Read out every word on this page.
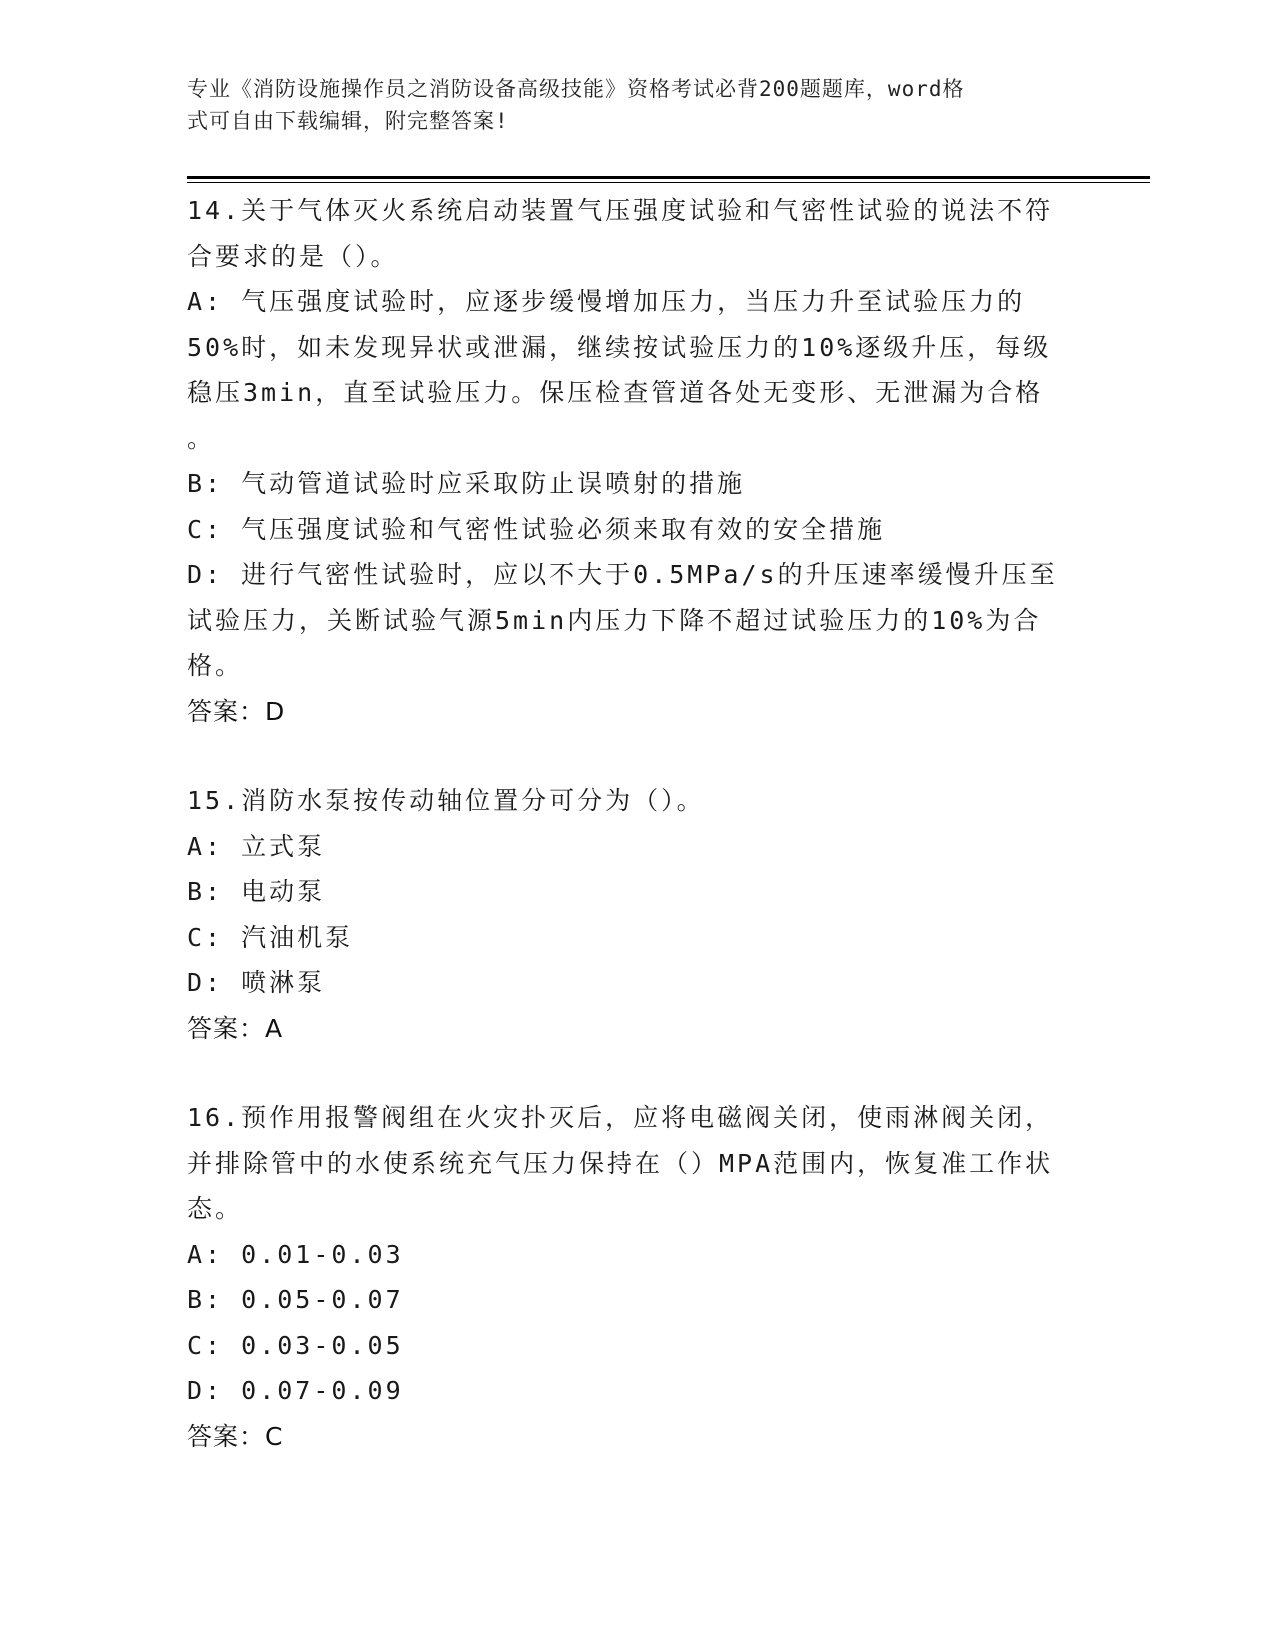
专业《消防设施操作员之消防设备高级技能》资格考试必背200题题库，word格
式可自由下载编辑，附完整答案!

14.关于气体灭火系统启动装置气压强度试验和气密性试验的说法不符

合要求的是（）。

A: 气压强度试验时，应逐步缓慢增加压力，当压力升至试验压力的

50%时，如未发现异状或泄漏，继续按试验压力的10%逐级升压，每级

稳压3min，直至试验压力。保压检查管道各处无变形、无泄漏为合格

。

B: 气动管道试验时应采取防止误喷射的措施

C: 气压强度试验和气密性试验必须来取有效的安全措施

D: 进行气密性试验时，应以不大于0.5MPa/s的升压速率缓慢升压至

试验压力，关断试验气源5min内压力下降不超过试验压力的10%为合

格。

答案：D

15.消防水泵按传动轴位置分可分为（）。

A: 立式泵

B: 电动泵

C: 汽油机泵

D: 喷淋泵

答案：A

16.预作用报警阀组在火灾扑灭后，应将电磁阀关闭，使雨淋阀关闭，

并排除管中的水使系统充气压力保持在（）MPA范围内，恢复准工作状

态。

A: 0.01-0.03

B: 0.05-0.07

C: 0.03-0.05

D: 0.07-0.09

答案：C
